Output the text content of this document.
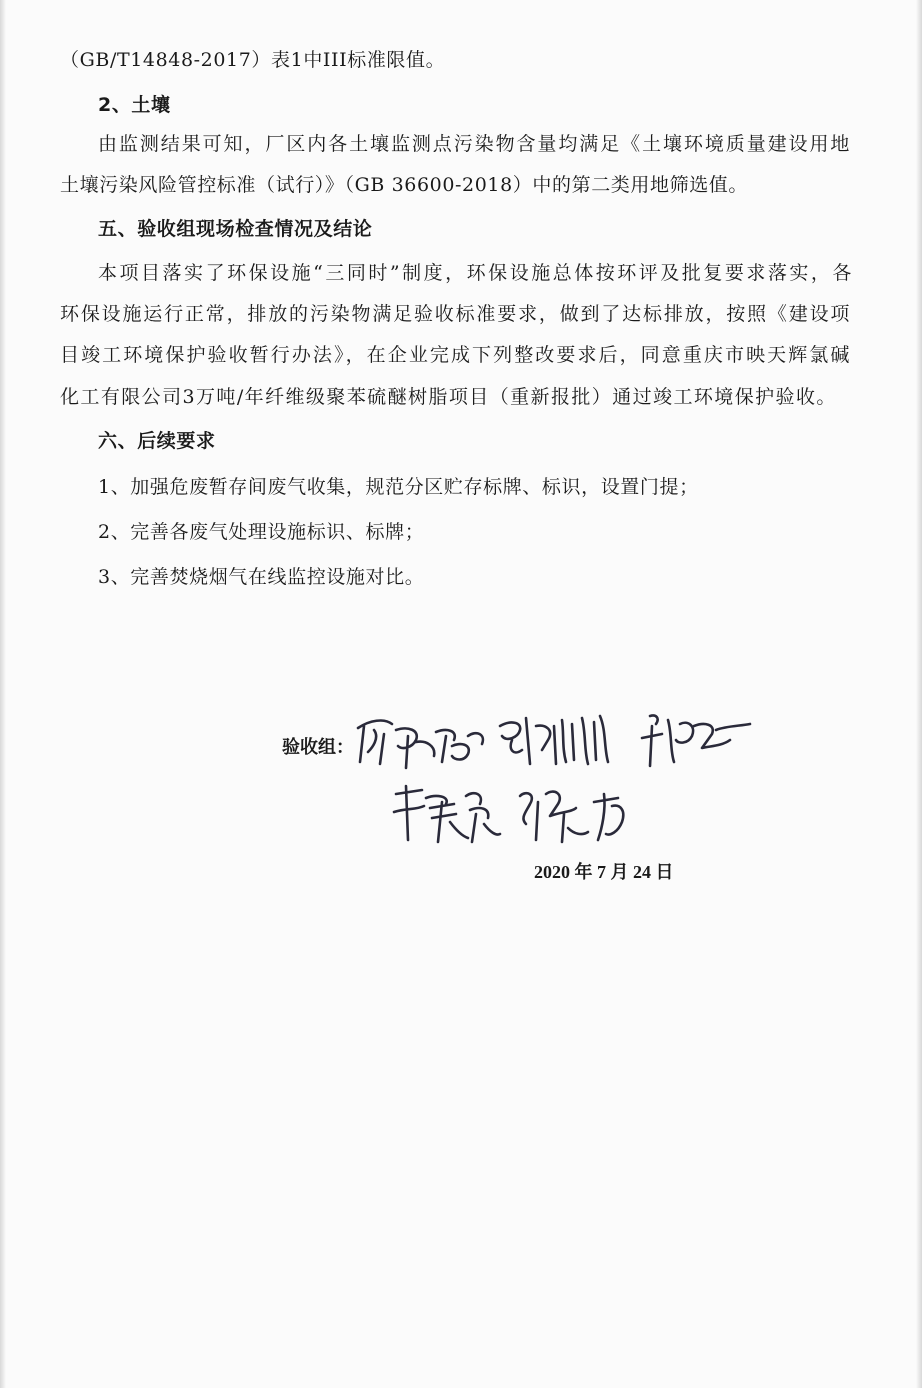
（GB/T14848-2017）表1中III标准限值。
2、土壤
由监测结果可知，厂区内各土壤监测点污染物含量均满足《土壤环境质量建设用地
土壤污染风险管控标准（试行）》（GB 36600-2018）中的第二类用地筛选值。
五、验收组现场检查情况及结论
本项目落实了环保设施“三同时”制度，环保设施总体按环评及批复要求落实，各
环保设施运行正常，排放的污染物满足验收标准要求，做到了达标排放，按照《建设项
目竣工环境保护验收暂行办法》，在企业完成下列整改要求后，同意重庆市映天辉氯碱
化工有限公司3万吨/年纤维级聚苯硫醚树脂项目（重新报批）通过竣工环境保护验收。
六、后续要求
1、加强危废暂存间废气收集，规范分区贮存标牌、标识，设置门提；
2、完善各废气处理设施标识、标牌；
3、完善焚烧烟气在线监控设施对比。
验收组：
2020 年 7 月 24 日
